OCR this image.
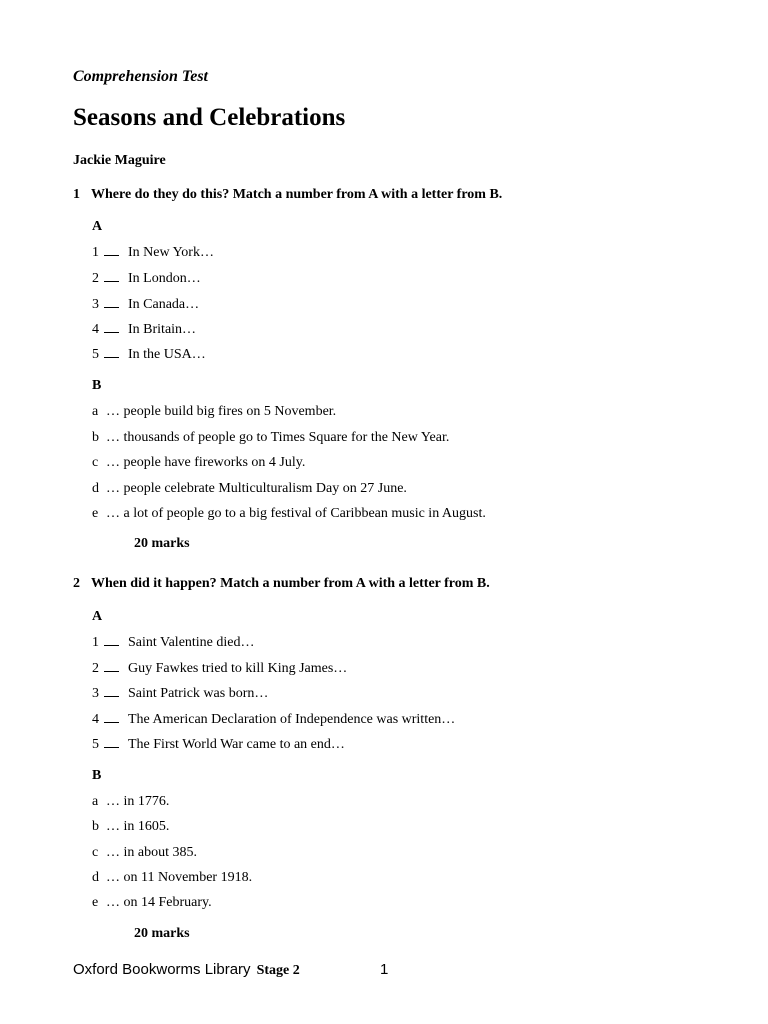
Comprehension Test
Seasons and Celebrations
Jackie Maguire
1 Where do they do this? Match a number from A with a letter from B.
A
1 In New York…
2 In London…
3 In Canada…
4 In Britain…
5 In the USA…
B
a … people build big fires on 5 November.
b … thousands of people go to Times Square for the New Year.
c … people have fireworks on 4 July.
d … people celebrate Multiculturalism Day on 27 June.
e … a lot of people go to a big festival of Caribbean music in August.
20 marks
2 When did it happen? Match a number from A with a letter from B.
A
1 Saint Valentine died…
2 Guy Fawkes tried to kill King James…
3 Saint Patrick was born…
4 The American Declaration of Independence was written…
5 The First World War came to an end…
B
a … in 1776.
b … in 1605.
c … in about 385.
d … on 11 November 1918.
e … on 14 February.
20 marks
Oxford Bookworms Library Stage 2	1
